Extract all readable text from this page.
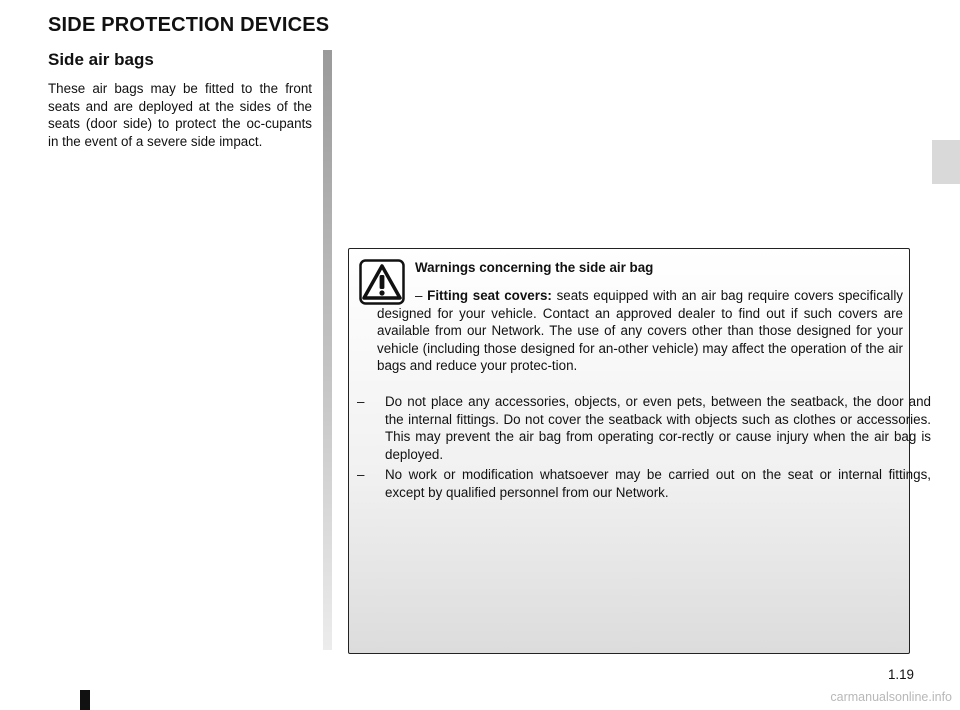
SIDE PROTECTION DEVICES
Side air bags

These air bags may be fitted to the front seats and are deployed at the sides of the seats (door side) to protect the oc-cupants in the event of a severe side impact.

Warnings concerning the side air bag

– Fitting seat covers: seats equipped with an air bag require covers specifically designed for your vehicle. Contact an approved dealer to find out if such covers are available from our Network. The use of any covers other than those designed for your vehicle (including those designed for an-other vehicle) may affect the operation of the air bags and reduce your protec-tion.

– Do not place any accessories, objects, or even pets, between the seatback, the door and the internal fittings. Do not cover the seatback with objects such as clothes or accessories. This may prevent the air bag from operating cor-rectly or cause injury when the air bag is deployed.

– No work or modification whatsoever may be carried out on the seat or internal fittings, except by qualified personnel from our Network.

1.19
carmanualsonline.info
